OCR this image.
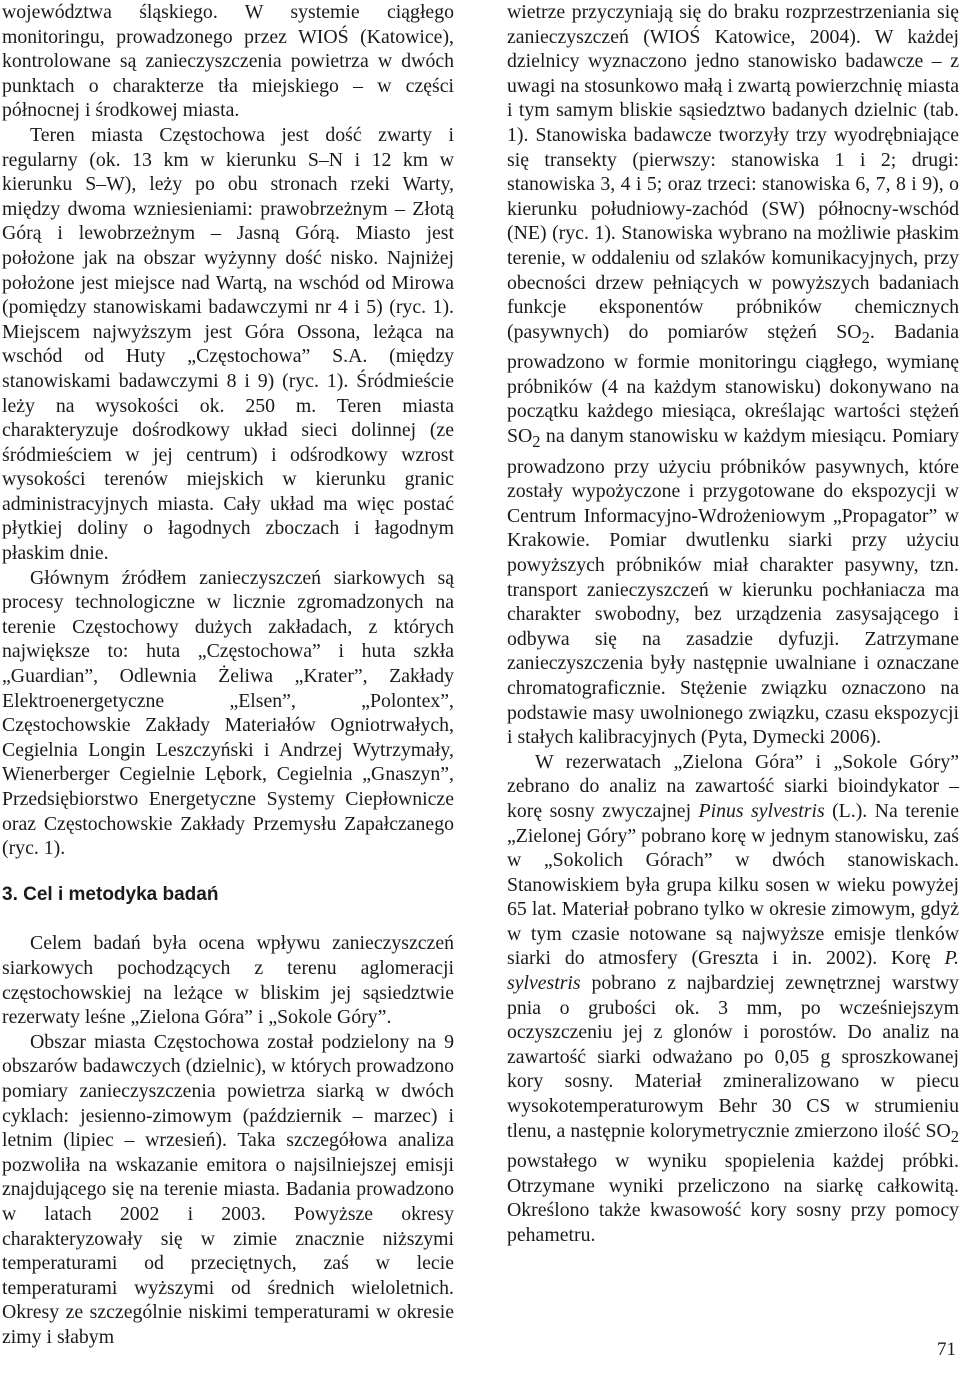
województwa śląskiego. W systemie ciągłego monitoringu, prowadzonego przez WIOŚ (Katowice), kontrolowane są zanieczyszczenia powietrza w dwóch punktach o charakterze tła miejskiego – w części północnej i środkowej miasta.

Teren miasta Częstochowa jest dość zwarty i regularny (ok. 13 km w kierunku S–N i 12 km w kierunku S–W), leży po obu stronach rzeki Warty, między dwoma wzniesieniami: prawobrzeżnym – Złotą Górą i lewobrzeżnym – Jasną Górą. Miasto jest położone jak na obszar wyżynny dość nisko. Najniżej położone jest miejsce nad Wartą, na wschód od Mirowa (pomiędzy stanowiskami badawczymi nr 4 i 5) (ryc. 1). Miejscem najwyższym jest Góra Ossona, leżąca na wschód od Huty „Częstochowa” S.A. (między stanowiskami badawczymi 8 i 9) (ryc. 1). Śródmieście leży na wysokości ok. 250 m. Teren miasta charakteryzuje dośrodkowy układ sieci dolinnej (ze śródmieściem w jej centrum) i odśrodkowy wzrost wysokości terenów miejskich w kierunku granic administracyjnych miasta. Cały układ ma więc postać płytkiej doliny o łagodnych zboczach i łagodnym płaskim dnie.

Głównym źródłem zanieczyszczeń siarkowych są procesy technologiczne w licznie zgromadzonych na terenie Częstochowy dużych zakładach, z których największe to: huta „Częstochowa” i huta szkła „Guardian”, Odlewnia Żeliwa „Krater”, Zakłady Elektroenergetyczne „Elsen”, „Polontex”, Częstochowskie Zakłady Materiałów Ogniotrwałych, Cegielnia Longin Leszczyński i Andrzej Wytrzymały, Wienerberger Cegielnie Lębork, Cegielnia „Gnaszyn”, Przedsiębiorstwo Energetyczne Systemy Ciepłownicze oraz Częstochowskie Zakłady Przemysłu Zapałczanego (ryc. 1).

3. Cel i metodyka badań

Celem badań była ocena wpływu zanieczyszczeń siarkowych pochodzących z terenu aglomeracji częstochowskiej na leżące w bliskim jej sąsiedztwie rezerwaty leśne „Zielona Góra” i „Sokole Góry”.

Obszar miasta Częstochowa został podzielony na 9 obszarów badawczych (dzielnic), w których prowadzono pomiary zanieczyszczenia powietrza siarką w dwóch cyklach: jesienno-zimowym (październik – marzec) i letnim (lipiec – wrzesień). Taka szczegółowa analiza pozwoliła na wskazanie emitora o najsilniejszej emisji znajdującego się na terenie miasta. Badania prowadzono w latach 2002 i 2003. Powyższe okresy charakteryzowały się w zimie znacznie niższymi temperaturami od przeciętnych, zaś w lecie temperaturami wyższymi od średnich wieloletnich. Okresy ze szczególnie niskimi temperaturami w okresie zimy i słabym

wietrze przyczyniają się do braku rozprzestrzeniania się zanieczyszczeń (WIOŚ Katowice, 2004). W każdej dzielnicy wyznaczono jedno stanowisko badawcze – z uwagi na stosunkowo małą i zwartą powierzchnię miasta i tym samym bliskie sąsiedztwo badanych dzielnic (tab. 1). Stanowiska badawcze tworzyły trzy wyodrębniające się transekty (pierwszy: stanowiska 1 i 2; drugi: stanowiska 3, 4 i 5; oraz trzeci: stanowiska 6, 7, 8 i 9), o kierunku południowy-zachód (SW) północny-wschód (NE) (ryc. 1). Stanowiska wybrano na możliwie płaskim terenie, w oddaleniu od szlaków komunikacyjnych, przy obecności drzew pełniących w powyższych badaniach funkcje eksponentów próbników chemicznych (pasywnych) do pomiarów stężeń $SO_2$. Badania prowadzono w formie monitoringu ciągłego, wymianę próbników (4 na każdym stanowisku) dokonywano na początku każdego miesiąca, określając wartości stężeń $SO_2$ na danym stanowisku w każdym miesiącu. Pomiary prowadzono przy użyciu próbników pasywnych, które zostały wypożyczone i przygotowane do ekspozycji w Centrum Informacyjno-Wdrożeniowym „Propagator” w Krakowie. Pomiar dwutlenku siarki przy użyciu powyższych próbników miał charakter pasywny, tzn. transport zanieczyszczeń w kierunku pochłaniacza ma charakter swobodny, bez urządzenia zasysającego i odbywa się na zasadzie dyfuzji. Zatrzymane zanieczyszczenia były następnie uwalniane i oznaczane chromatograficznie. Stężenie związku oznaczono na podstawie masy uwolnionego związku, czasu ekspozycji i stałych kalibracyjnych (Pyta, Dymecki 2006).

W rezerwatach „Zielona Góra” i „Sokole Góry” zebrano do analiz na zawartość siarki bioindykator – korę sosny zwyczajnej Pinus sylvestris (L.). Na terenie „Zielonej Góry” pobrano korę w jednym stanowisku, zaś w „Sokolich Górach” w dwóch stanowiskach. Stanowiskiem była grupa kilku sosen w wieku powyżej 65 lat. Materiał pobrano tylko w okresie zimowym, gdyż w tym czasie notowane są najwyższe emisje tlenków siarki do atmosfery (Greszta i in. 2002). Korę P. sylvestris pobrano z najbardziej zewnętrznej warstwy pnia o grubości ok. 3 mm, po wcześniejszym oczyszczeniu jej z glonów i porostów. Do analiz na zawartość siarki odważano po 0,05 g sproszkowanej kory sosny. Materiał zmineralizowano w piecu wysokotemperaturowym Behr 30 CS w strumieniu tlenu, a następnie kolorymetrycznie zmierzono ilość $SO_2$ powstałego w wyniku spopielenia każdej próbki. Otrzymane wyniki przeliczono na siarkę całkowitą. Określono także kwasowość kory sosny przy pomocy pehametru.

71
